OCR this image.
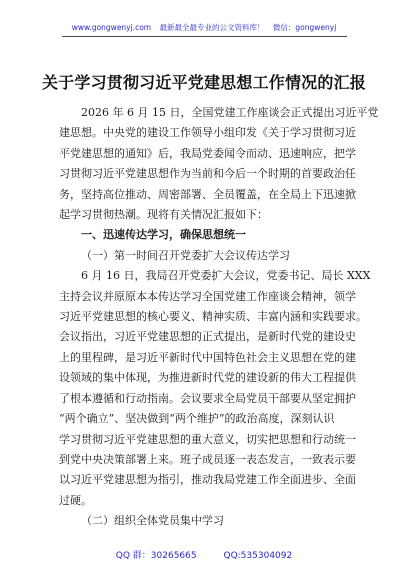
www.gongwenyj.com 最新最全最专业的公文资料库！ 微信：gongwenyj
关于学习贯彻习近平党建思想工作情况的汇报
2026 年 6 月 15 日，全国党建工作座谈会正式提出习近平党
建思想。中央党的建设工作领导小组印发《关于学习贯彻习近
平党建思想的通知》后，我局党委闻令而动、迅速响应，把学
习贯彻习近平党建思想作为当前和今后一个时期的首要政治任
务，坚持高位推动、周密部署、全员覆盖，在全局上下迅速掀
起学习贯彻热潮。现将有关情况汇报如下：
一、迅速传达学习，确保思想统一
（一）第一时间召开党委扩大会议传达学习
6 月 16 日，我局召开党委扩大会议，党委书记、局长 XXX
主持会议并原原本本传达学习全国党建工作座谈会精神，领学
习近平党建思想的核心要义、精神实质、丰富内涵和实践要求。
会议指出，习近平党建思想的正式提出，是新时代党的建设史
上的里程碑，是习近平新时代中国特色社会主义思想在党的建
设领域的集中体现，为推进新时代党的建设新的伟大工程提供
了根本遵循和行动指南。会议要求全局党员干部要从坚定拥护
“两个确立”、坚决做到“两个维护”的政治高度，深刻认识
学习贯彻习近平党建思想的重大意义，切实把思想和行动统一
到党中央决策部署上来。班子成员逐一表态发言，一致表示要
以习近平党建思想为指引，推动我局党建工作全面进步、全面
过硬。
（二）组织全体党员集中学习
QQ 群：30265665	QQ:535304092
